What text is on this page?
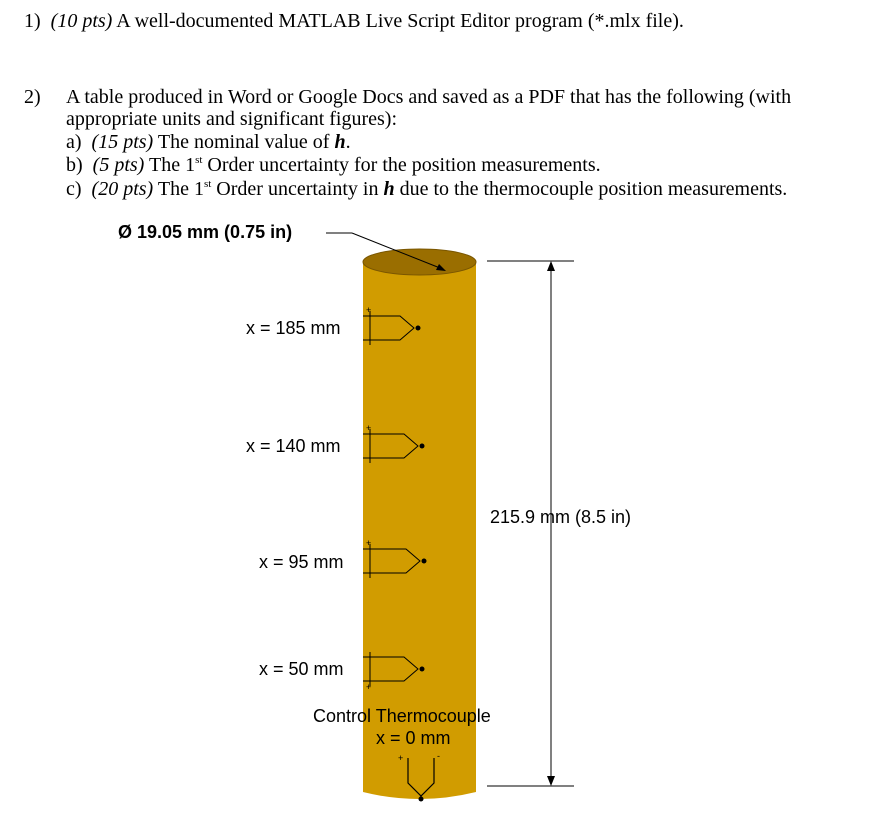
1) (10 pts) A well-documented MATLAB Live Script Editor program (*.mlx file).
2) A table produced in Word or Google Docs and saved as a PDF that has the following (with
appropriate units and significant figures):
a) (15 pts) The nominal value of h.
b) (5 pts) The 1st Order uncertainty for the position measurements.
c) (20 pts) The 1st Order uncertainty in h due to the thermocouple position measurements.
+
+
+
+
+	-
Ø 19.05 mm (0.75 in)
215.9 mm (8.5 in)
x = 185 mm
x = 140 mm
x = 95 mm
x = 50 mm
Control Thermocouple
x = 0 mm
